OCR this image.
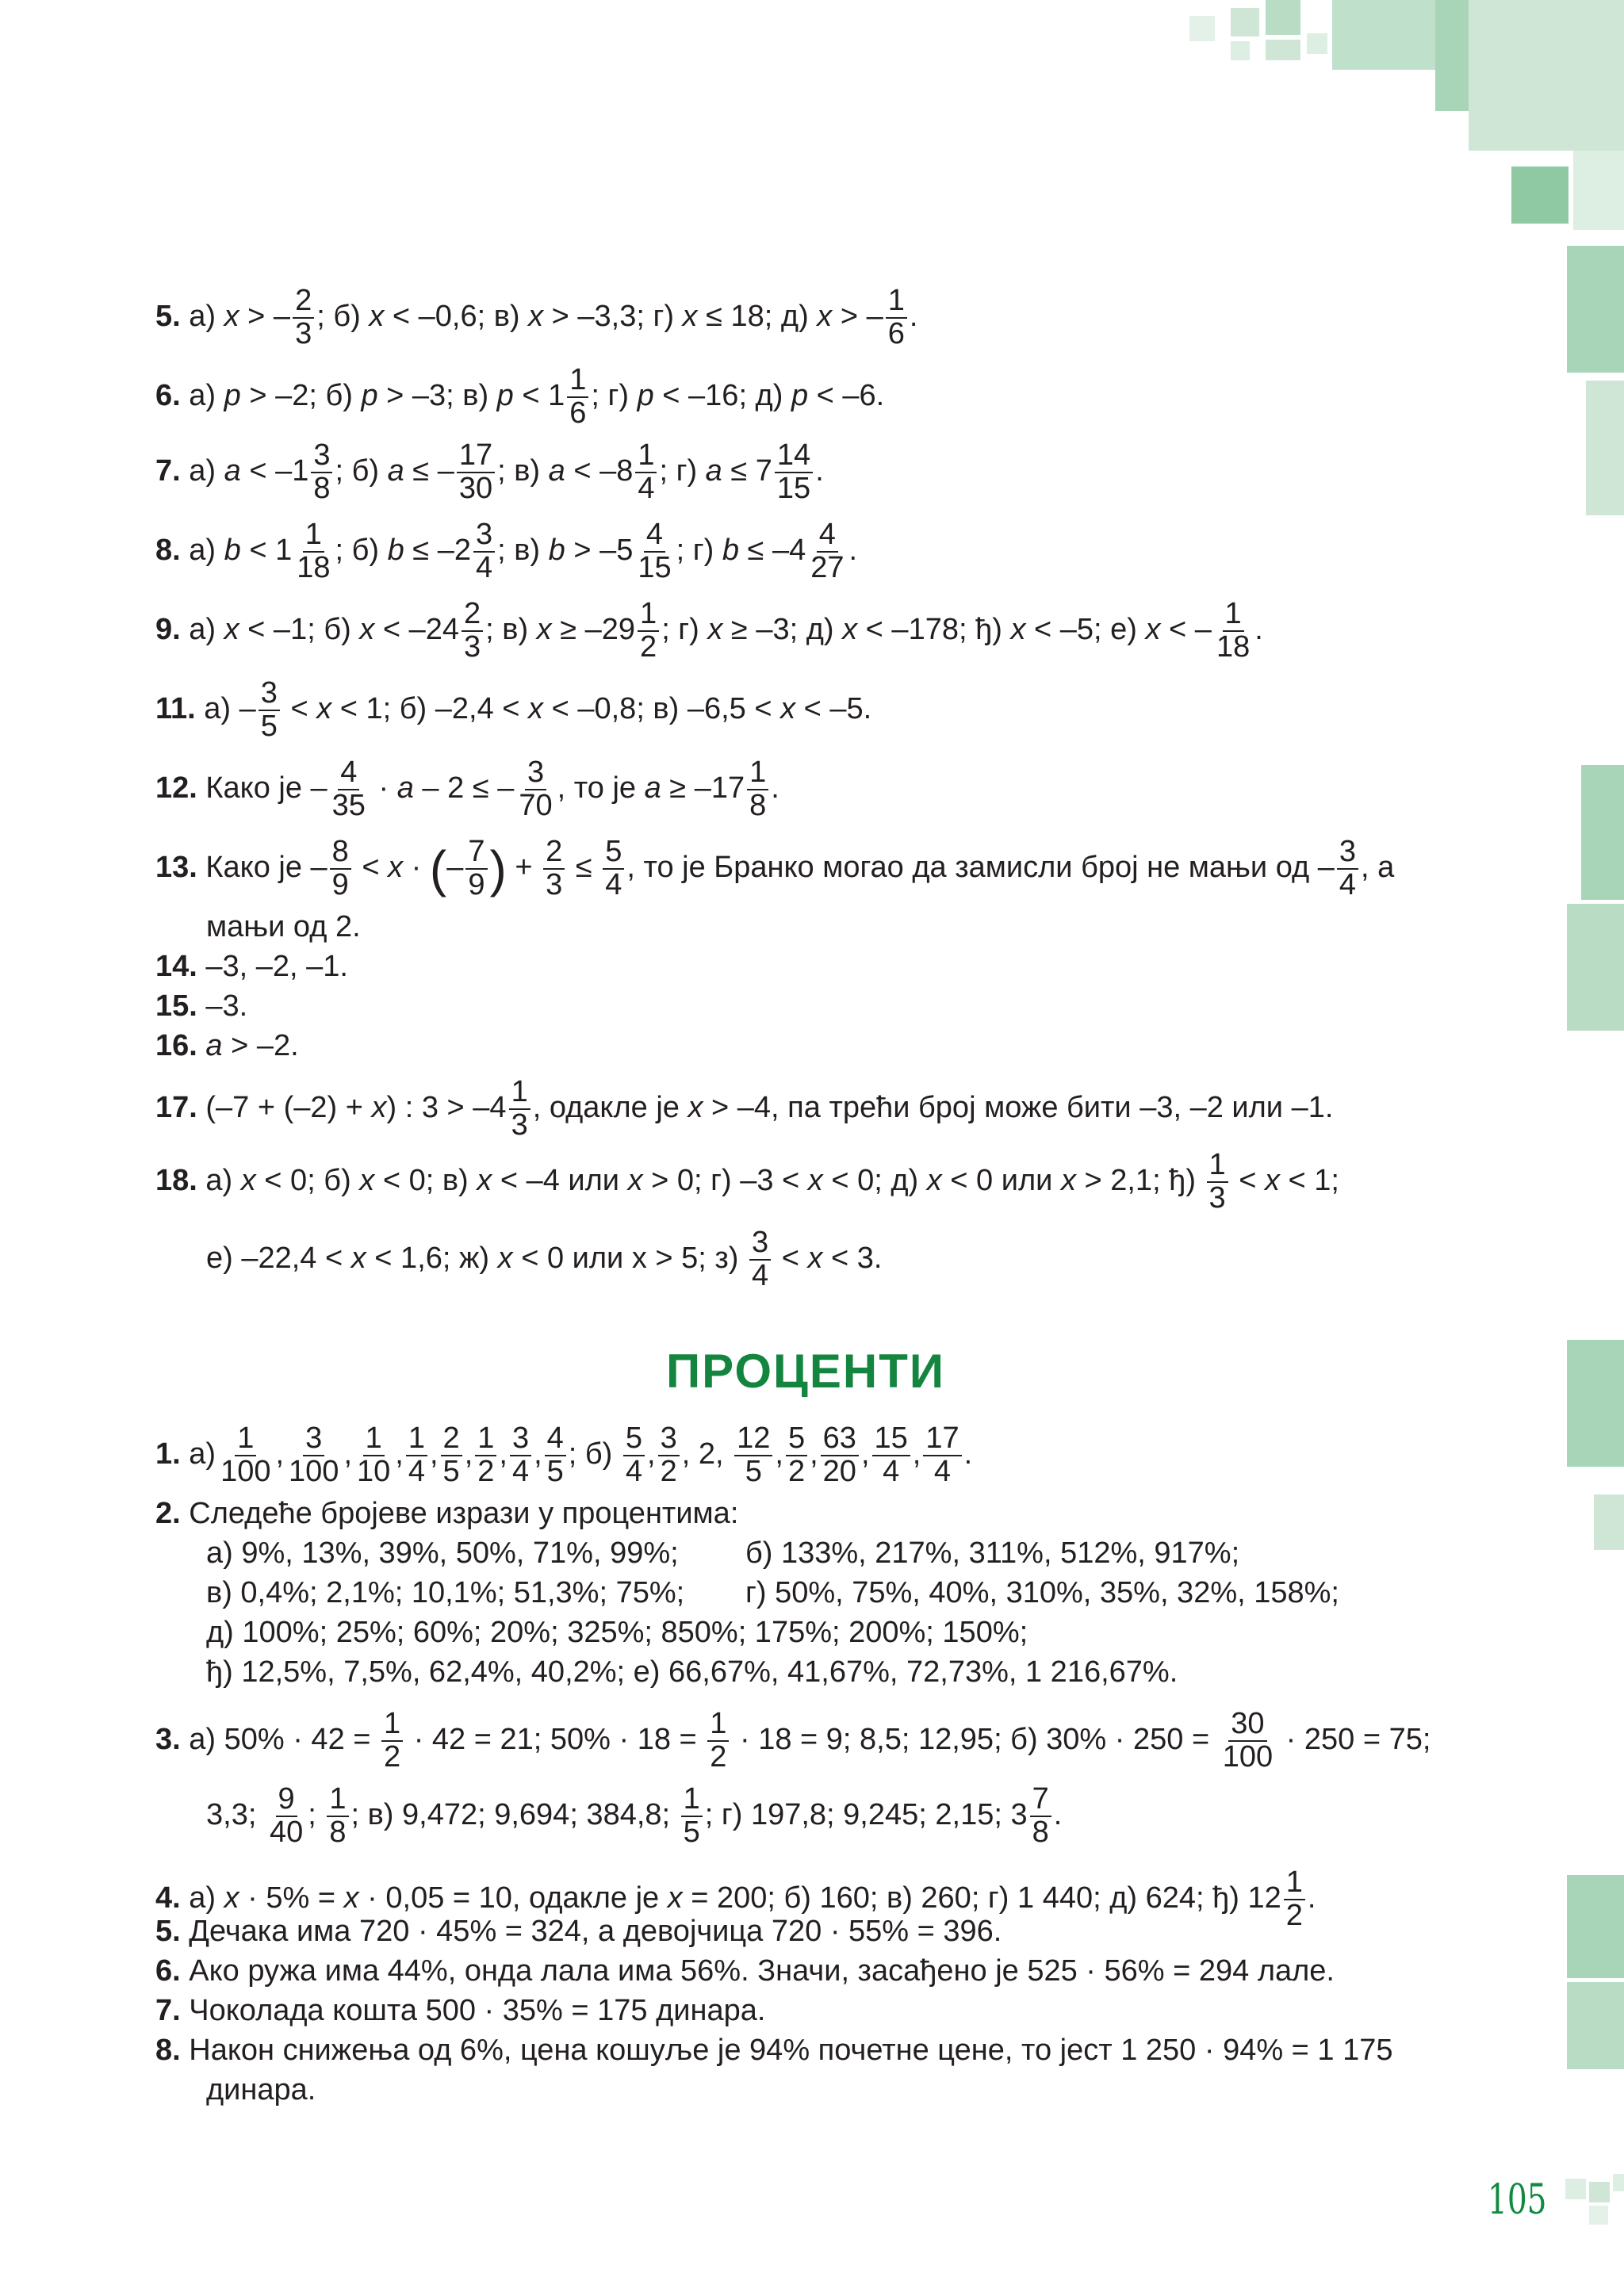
5. а) x > – $\frac{2}{3}$ ; б) x < –0,6; в) x > –3,3; г) x ≤ 18; д) x > – $\frac{1}{6}$ .
6. а) p > –2; б) p > –3; в) $p < 1 \frac{1}{6}$ ; г) p < –16; д) p < –6.
7. а) $a < -1 \frac{3}{8}$ ; б) a ≤ – $\frac{17}{30}$ ; в) $a < -8 \frac{1}{4}$ ; г) $a \le 7 \frac{14}{15}$ .
8. а) $b < 1 \frac{1}{18}$ ; б) $b \le -2 \frac{3}{4}$ ; в) $b > -5 \frac{4}{15}$ ; г) $b \le -4 \frac{4}{27}$ .
9. а) x < –1; б) $x < -24 \frac{2}{3}$ ; в) $x \ge -29 \frac{1}{2}$ ; г) x ≥ –3; д) x < –178; ђ) x < –5; е) x < – $\frac{1}{18}$ .
11. $а) - \frac{3}{5} < x < 1$; б) –2,4 < x < –0,8; в) –6,5 < x < –5.
12. Како је – $\frac{4}{35} \cdot a - 2$ ≤ – $\frac{3}{70}$ , то је $a \ge -17 \frac{1}{8}$ .
13. Како је – $\frac{8}{9} < x$ · (– $\frac{7}{9}$ ) + $\frac{2}{3} \le \frac{5}{4}$ , то је Бранко могао да замисли број не мањи од – $\frac{3}{4}$ , а
мањи од 2.
14. –3, –2, –1.
15. –3.
16. a > –2.
17. (–7 + (–2) + x) : $3 > -4 \frac{1}{3}$ , одакле је x > –4, па трећи број може бити –3, –2 или –1.
18. а) x < 0; б) x < 0; в) x < –4 или x > 0; г) –3 < x < 0; д) x < 0 или x > 2,1; $ђ) \frac{1}{3} < x < 1$;
е) –22,4 < x < 1,6; ж) x < 0 или x > 5; $з) \frac{3}{4} < x < 3$.
ПРОЦЕНТИ
1. $а) \frac{1}{100}$ , $\frac{3}{100}$ , $\frac{1}{10}$ , $\frac{1}{4}$ , $\frac{2}{5}$ , $\frac{1}{2}$ , $\frac{3}{4}$ , $\frac{4}{5}$ ; $б) \frac{5}{4}$ , $\frac{3}{2}$ , 2, $\frac{12}{5}$ , $\frac{5}{2}$ , $\frac{63}{20}$ , $\frac{15}{4}$ , $\frac{17}{4}$ .
2. Следеће бројеве изрази у процентима:
а) 9%, 13%, 39%, 50%, 71%, 99%; б) 133%, 217%, 311%, 512%, 917%;
в) 0,4%; 2,1%; 10,1%; 51,3%; 75%; г) 50%, 75%, 40%, 310%, 35%, 32%, 158%;
д) 100%; 25%; 60%; 20%; 325%; 850%; 175%; 200%; 150%;
ђ) 12,5%, 7,5%, 62,4%, 40,2%; е) 66,67%, 41,67%, 72,73%, 1 216,67%.
3. а) $50\% \cdot 42 = \frac{1}{2} \cdot 42 = 21$; $50\% \cdot 18 = \frac{1}{2} \cdot 18 = 9$; 8,5; 12,95; б) $30\% \cdot 250 = \frac{30}{100} \cdot 250 = 75$;
3,3; $\frac{9}{40}$ ; $\frac{1}{8}$ ; в) 9,472; 9,694; 384,8; $\frac{1}{5}$ ; г) 197,8; 9,245; 2,15; $3 \frac{7}{8}$ .
4. а) x · 5% = x · 0,05 = 10, одакле је x = 200; б) 160; в) 260; г) 1 440; д) 624; ђ) $12 \frac{1}{2}$ .
5. Дечака има 720 · 45% = 324, а девојчица 720 · 55% = 396.
6. Ако ружа има 44%, онда лала има 56%. Значи, засађено је 525 · 56% = 294 лале.
7. Чоколада кошта 500 · 35% = 175 динара.
8. Након снижења од 6%, цена кошуље је 94% почетне цене, то јест 1 250 · 94% = 1 175
динара.
105
